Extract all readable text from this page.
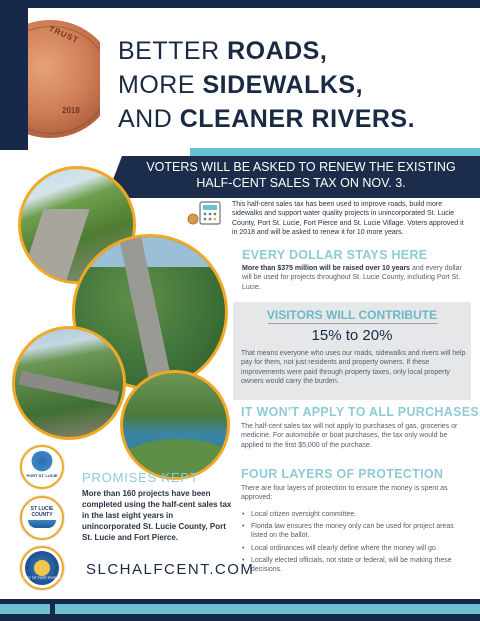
TRUST
2018
BETTER ROADS,
MORE SIDEWALKS,
AND CLEANER RIVERS.
VOTERS WILL BE ASKED TO RENEW THE EXISTING
HALF-CENT SALES TAX ON NOV. 3.
This half-cent sales tax has been used to improve roads, build more sidewalks and support water quality projects in unincorporated St. Lucie County, Port St. Lucie, Fort Pierce and St. Lucie Village. Voters approved it in 2018 and will be asked to renew it for 10 more years.
EVERY DOLLAR STAYS HERE
More than $375 million will be raised over 10 years and every dollar will be used for projects throughout St. Lucie County, including Port St. Lucie.
VISITORS WILL CONTRIBUTE
15% to 20%
That means everyone who uses our roads, sidewalks and rivers will help pay for them, not just residents and property owners. If these improvements were paid through property taxes, only local property owners would carry the burden.
IT WON'T APPLY TO ALL PURCHASES
The half-cent sales tax will not apply to purchases of gas, groceries or medicine. For automobile or boat purchases, the tax only would be applied to the first $5,000 of the purchase.
FOUR LAYERS OF PROTECTION
There are four layers of protection to ensure the money is spent as approved:
• Local citizen oversight committee.
• Florida law ensures the money only can be used for project areas listed on the ballot.
• Local ordinances will clearly define where the money will go.
• Locally elected officials, not state or federal, will be making these decisions.
PORT ST. LUCIE
ST LUCIE
COUNTY
CITY OF FORT PIERCE
PROMISES KEPT
More than 160 projects have been completed using the half-cent sales tax in the last eight years in unincorporated St. Lucie County, Port St. Lucie and Fort Pierce.
SLCHALFCENT.COM
